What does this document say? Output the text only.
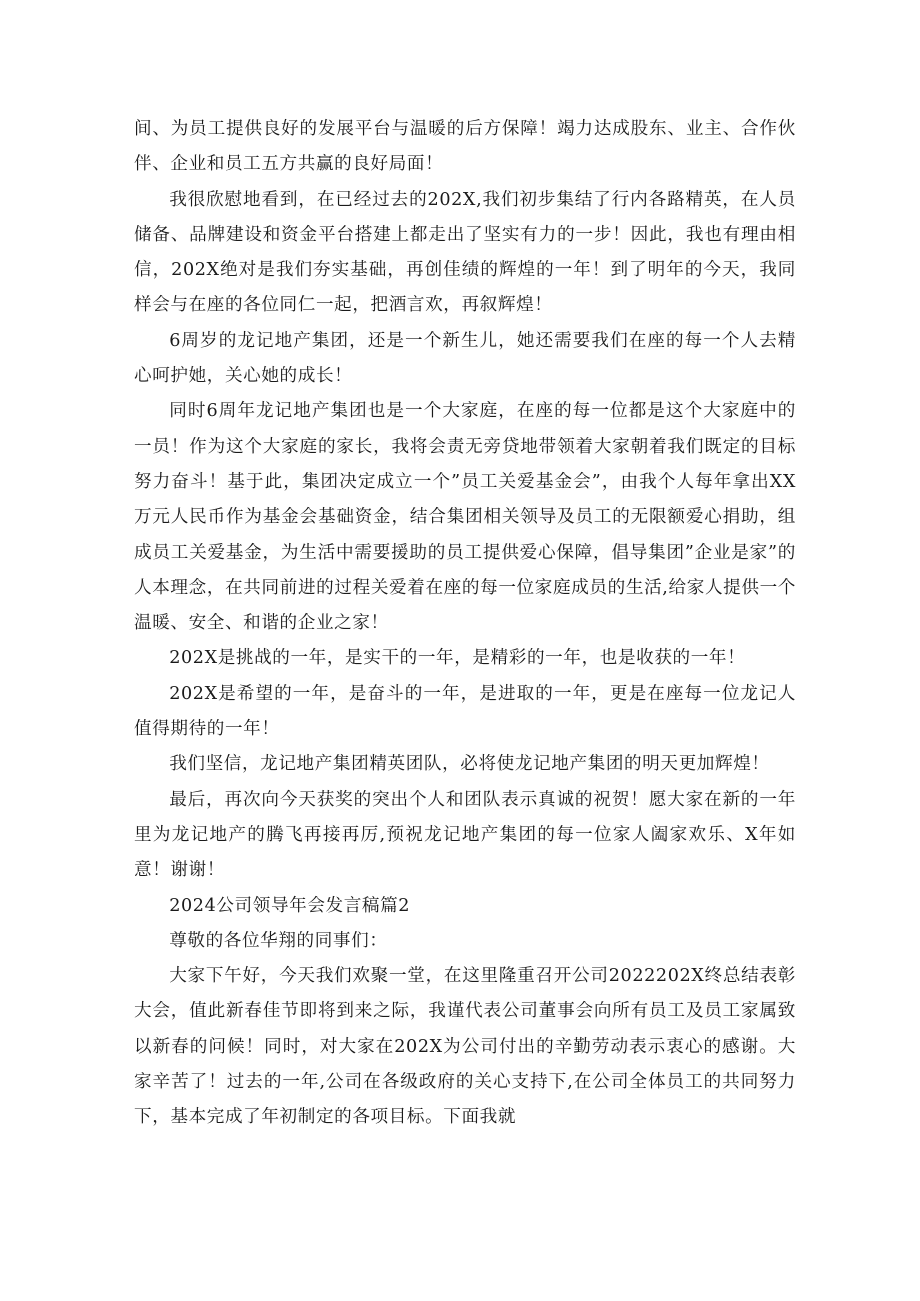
间、为员工提供良好的发展平台与温暖的后方保障！竭力达成股东、业主、合作伙伴、企业和员工五方共赢的良好局面！

我很欣慰地看到，在已经过去的202X,我们初步集结了行内各路精英，在人员储备、品牌建设和资金平台搭建上都走出了坚实有力的一步！因此，我也有理由相信，202X绝对是我们夯实基础，再创佳绩的辉煌的一年！到了明年的今天，我同样会与在座的各位同仁一起，把酒言欢，再叙辉煌！

6周岁的龙记地产集团，还是一个新生儿，她还需要我们在座的每一个人去精心呵护她，关心她的成长！

同时6周年龙记地产集团也是一个大家庭，在座的每一位都是这个大家庭中的一员！作为这个大家庭的家长，我将会责无旁贷地带领着大家朝着我们既定的目标努力奋斗！基于此，集团决定成立一个”员工关爱基金会”，由我个人每年拿出XX万元人民币作为基金会基础资金，结合集团相关领导及员工的无限额爱心捐助，组成员工关爱基金，为生活中需要援助的员工提供爱心保障，倡导集团”企业是家”的人本理念，在共同前进的过程关爱着在座的每一位家庭成员的生活,给家人提供一个温暖、安全、和谐的企业之家！

202X是挑战的一年，是实干的一年，是精彩的一年，也是收获的一年！

202X是希望的一年，是奋斗的一年，是进取的一年，更是在座每一位龙记人值得期待的一年！

我们坚信，龙记地产集团精英团队，必将使龙记地产集团的明天更加辉煌！

最后，再次向今天获奖的突出个人和团队表示真诚的祝贺！愿大家在新的一年里为龙记地产的腾飞再接再厉,预祝龙记地产集团的每一位家人阖家欢乐、X年如意！谢谢！

2024公司领导年会发言稿篇2

尊敬的各位华翔的同事们：

大家下午好，今天我们欢聚一堂，在这里隆重召开公司2022202X终总结表彰大会，值此新春佳节即将到来之际，我谨代表公司董事会向所有员工及员工家属致以新春的问候！同时，对大家在202X为公司付出的辛勤劳动表示衷心的感谢。大家辛苦了！过去的一年,公司在各级政府的关心支持下,在公司全体员工的共同努力下，基本完成了年初制定的各项目标。下面我就
